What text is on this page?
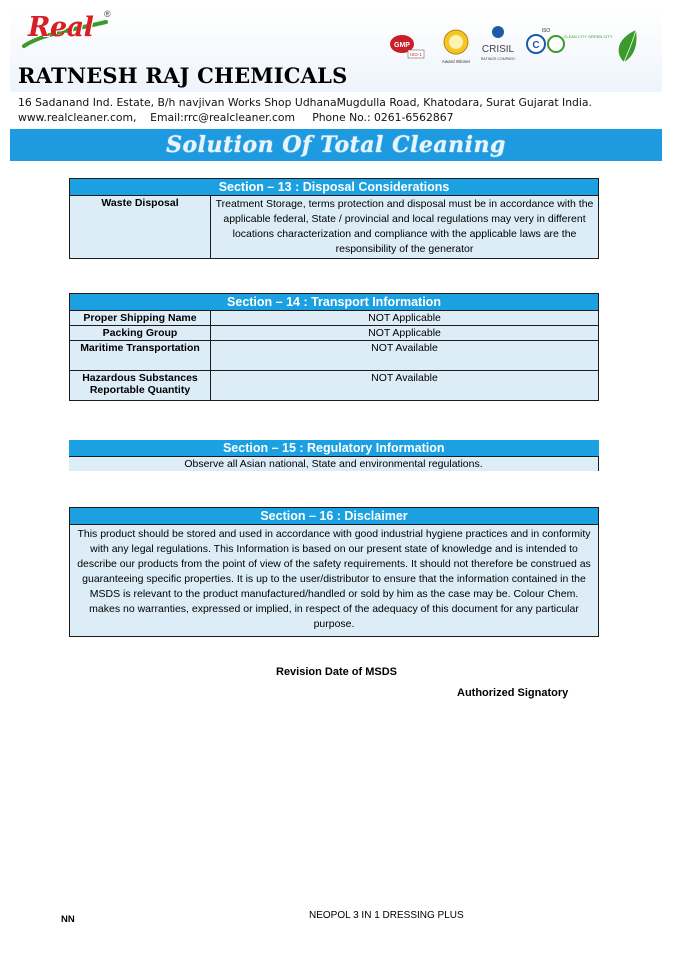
Real ®
GMP
ISO-1
Award Winner
CRISIL
RATINGS COMPANY
C
ISO
CLEAN CITY GREEN CITY
RATNESH RAJ CHEMICALS
16 Sadanand Ind. Estate, B/h navjivan Works Shop UdhanaMugdulla Road, Khatodara, Surat Gujarat India.
www.realcleaner.com,    Email:rrc@realcleaner.com     Phone No.: 0261-6562867
Solution Of Total Cleaning
Section – 13 : Disposal Considerations
Waste Disposal	Treatment Storage, terms protection and disposal must be in accordance with the applicable federal, State / provincial and local regulations may very in different locations characterization and compliance with the applicable laws are the responsibility of the generator
Section – 14 : Transport Information	
Proper Shipping Name	NOT Applicable
Packing Group	NOT Applicable
Maritime Transportation	NOT Available
Hazardous Substances Reportable Quantity	NOT Available
Section – 15 : Regulatory Information
Observe all Asian national, State and environmental regulations.
Section – 16 : Disclaimer
This product should be stored and used in accordance with good industrial hygiene practices and in conformity with any legal regulations. This Information is based on our present state of knowledge and is intended to describe our products from the point of view of the safety requirements. It should not therefore be construed as guaranteeing specific properties. It is up to the user/distributor to ensure that the information contained in the MSDS is relevant to the product manufactured/handled or sold by him as the case may be. Colour Chem. makes no warranties, expressed or implied, in respect of the adequacy of this document for any particular purpose.
Revision Date of MSDS
Authorized Signatory
NN	NEOPOL 3 IN 1 DRESSING PLUS
